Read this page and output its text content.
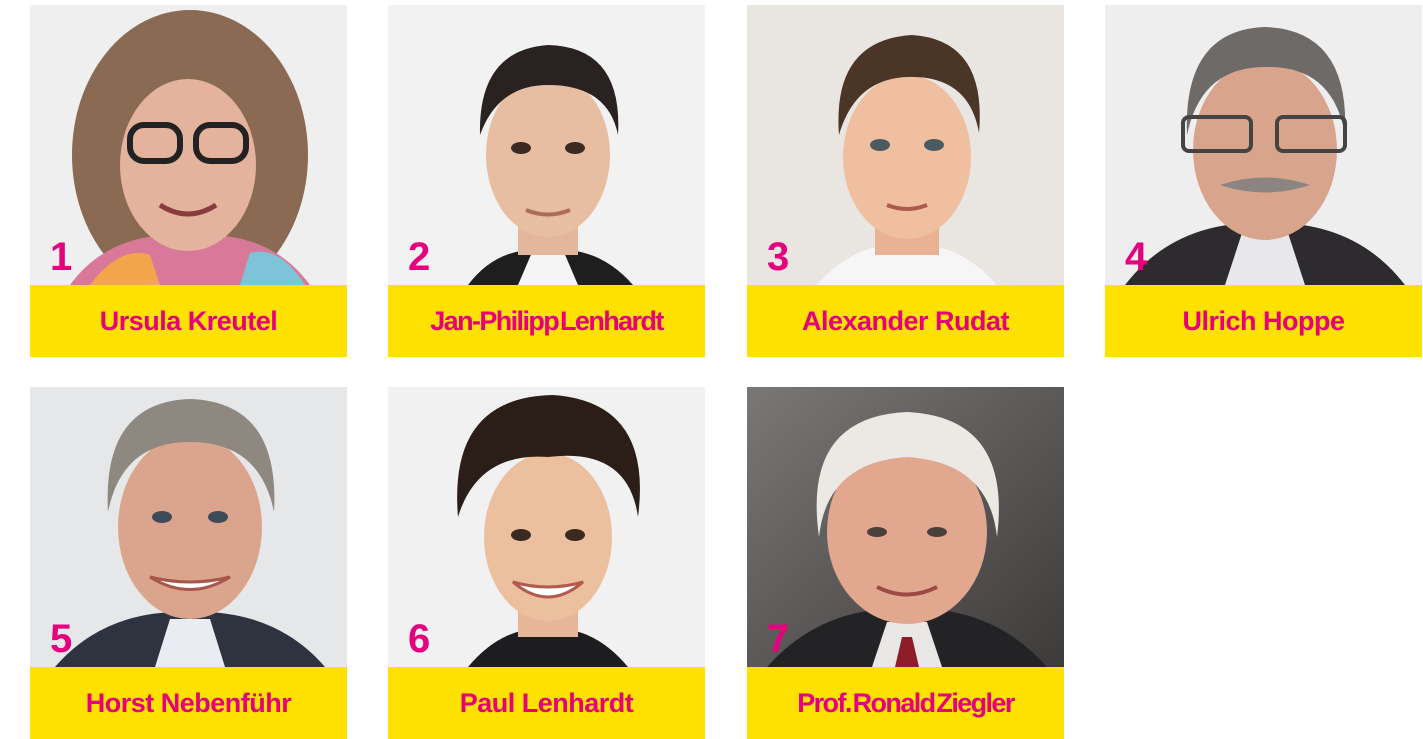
1
Ursula Kreutel
2
Jan-Philipp Lenhardt
3
Alexander Rudat
4
Ulrich Hoppe
5
Horst Nebenführ
6
Paul Lenhardt
7
Prof. Ronald Ziegler
